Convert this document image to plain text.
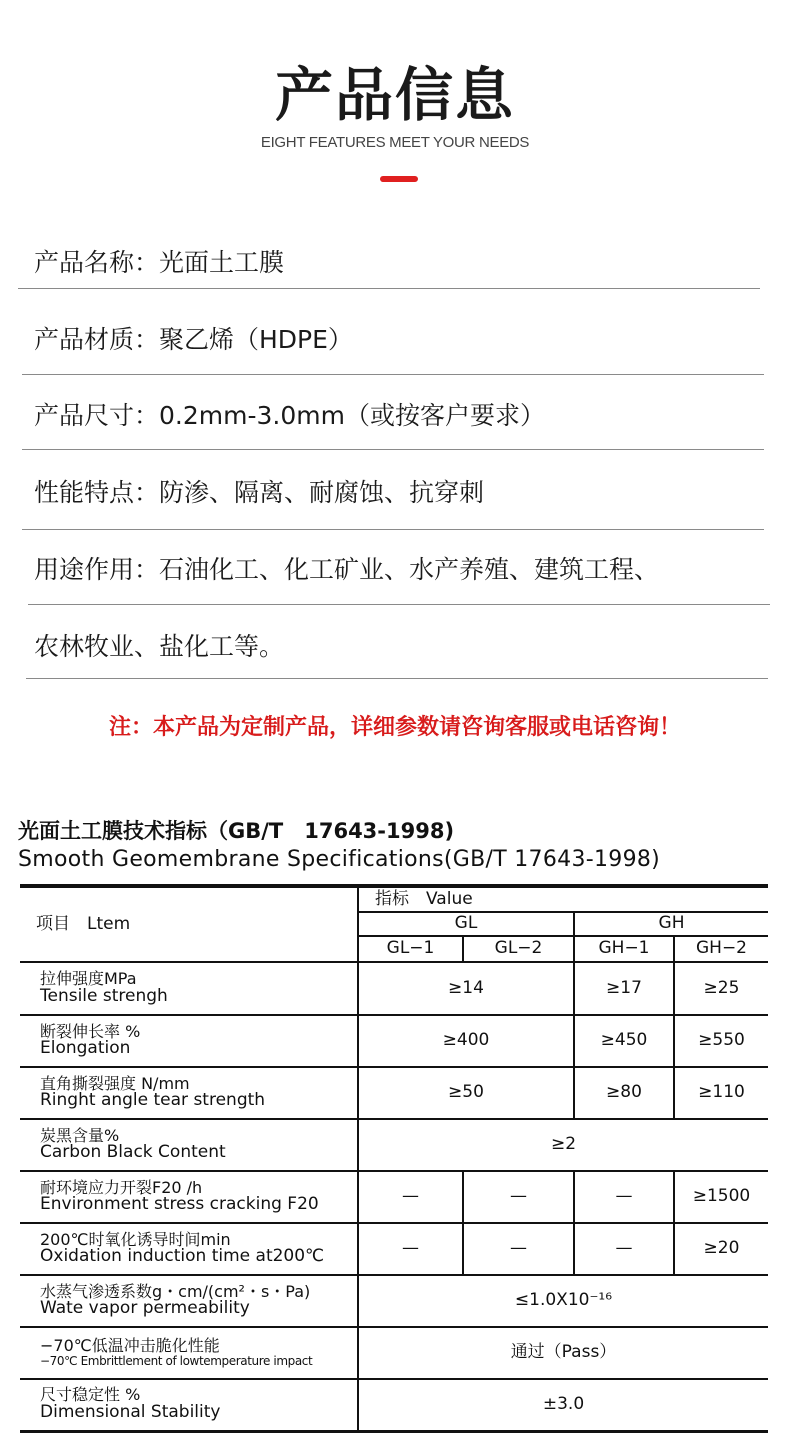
产品信息
EIGHT FEATURES MEET YOUR NEEDS
产品名称：光面土工膜
产品材质：聚乙烯（HDPE）
产品尺寸：0.2mm-3.0mm（或按客户要求）
性能特点：防渗、隔离、耐腐蚀、抗穿刺
用途作用：石油化工、化工矿业、水产养殖、建筑工程、
农林牧业、盐化工等。
注：本产品为定制产品，详细参数请咨询客服或电话咨询！
光面土工膜技术指标（GB/T　17643-1998)
Smooth Geomembrane Specifications(GB/T 17643-1998)
项目　Ltem	指标　Value			
	GL		GH	
	GL−1	GL−2	GH−1	GH−2

拉伸强度MPa
Tensile strengh	≥14		≥17	≥25

断裂伸长率 %
Elongation	≥400		≥450	≥550

直角撕裂强度 N/mm
Ringht angle tear strength	≥50		≥80	≥110

炭黑含量%
Carbon Black Content	≥2			

耐环境应力开裂F20 /h
Environment stress cracking F20	—	—	—	≥1500

200℃时氧化诱导时间min
Oxidation induction time at200℃	—	—	—	≥20

水蒸气渗透系数g・cm/(cm²・s・Pa)
Wate vapor permeability	≤1.0X10⁻¹⁶			

−70℃低温冲击脆化性能
−70℃ Embrittlement of lowtemperature impact	通过（Pass）			

尺寸稳定性 %
Dimensional Stability	±3.0			
